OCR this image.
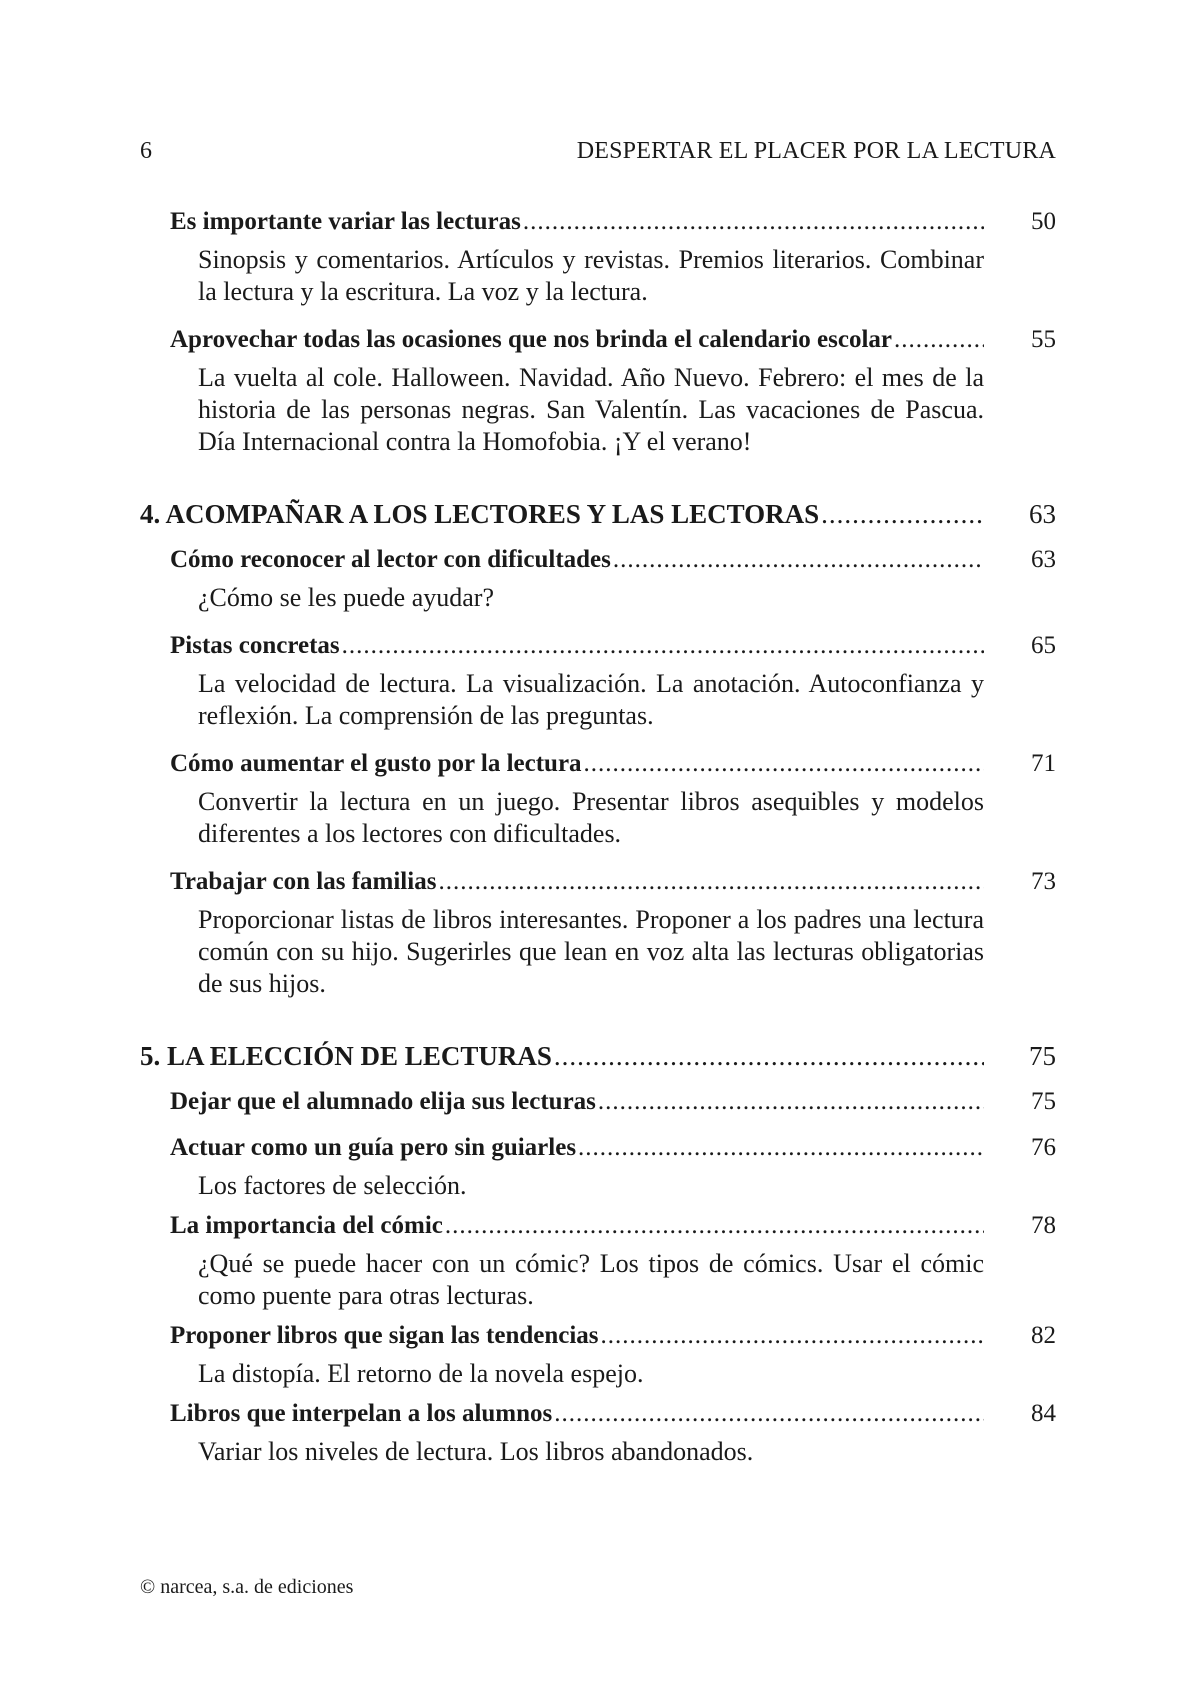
6	DESPERTAR EL PLACER POR LA LECTURA
Es importante variar las lecturas .....	50
Sinopsis y comentarios. Artículos y revistas. Premios literarios. Combinar la lectura y la escritura. La voz y la lectura.
Aprovechar todas las ocasiones que nos brinda el calendario escolar .....	55
La vuelta al cole. Halloween. Navidad. Año Nuevo. Febrero: el mes de la historia de las personas negras. San Valentín. Las vacaciones de Pascua. Día Internacional contra la Homofobia. ¡Y el verano!
4. ACOMPAÑAR A LOS LECTORES Y LAS LECTORAS .....	63
Cómo reconocer al lector con dificultades .....	63
¿Cómo se les puede ayudar?
Pistas concretas .....	65
La velocidad de lectura. La visualización. La anotación. Autoconfianza y reflexión. La comprensión de las preguntas.
Cómo aumentar el gusto por la lectura .....	71
Convertir la lectura en un juego. Presentar libros asequibles y modelos diferentes a los lectores con dificultades.
Trabajar con las familias .....	73
Proporcionar listas de libros interesantes. Proponer a los padres una lectura común con su hijo. Sugerirles que lean en voz alta las lecturas obligatorias de sus hijos.
5. LA ELECCIÓN DE LECTURAS .....	75
Dejar que el alumnado elija sus lecturas .....	75
Actuar como un guía pero sin guiarles .....	76
Los factores de selección.
La importancia del cómic .....	78
¿Qué se puede hacer con un cómic? Los tipos de cómics. Usar el cómic como puente para otras lecturas.
Proponer libros que sigan las tendencias .....	82
La distopía. El retorno de la novela espejo.
Libros que interpelan a los alumnos .....	84
Variar los niveles de lectura. Los libros abandonados.
© narcea, s.a. de ediciones
